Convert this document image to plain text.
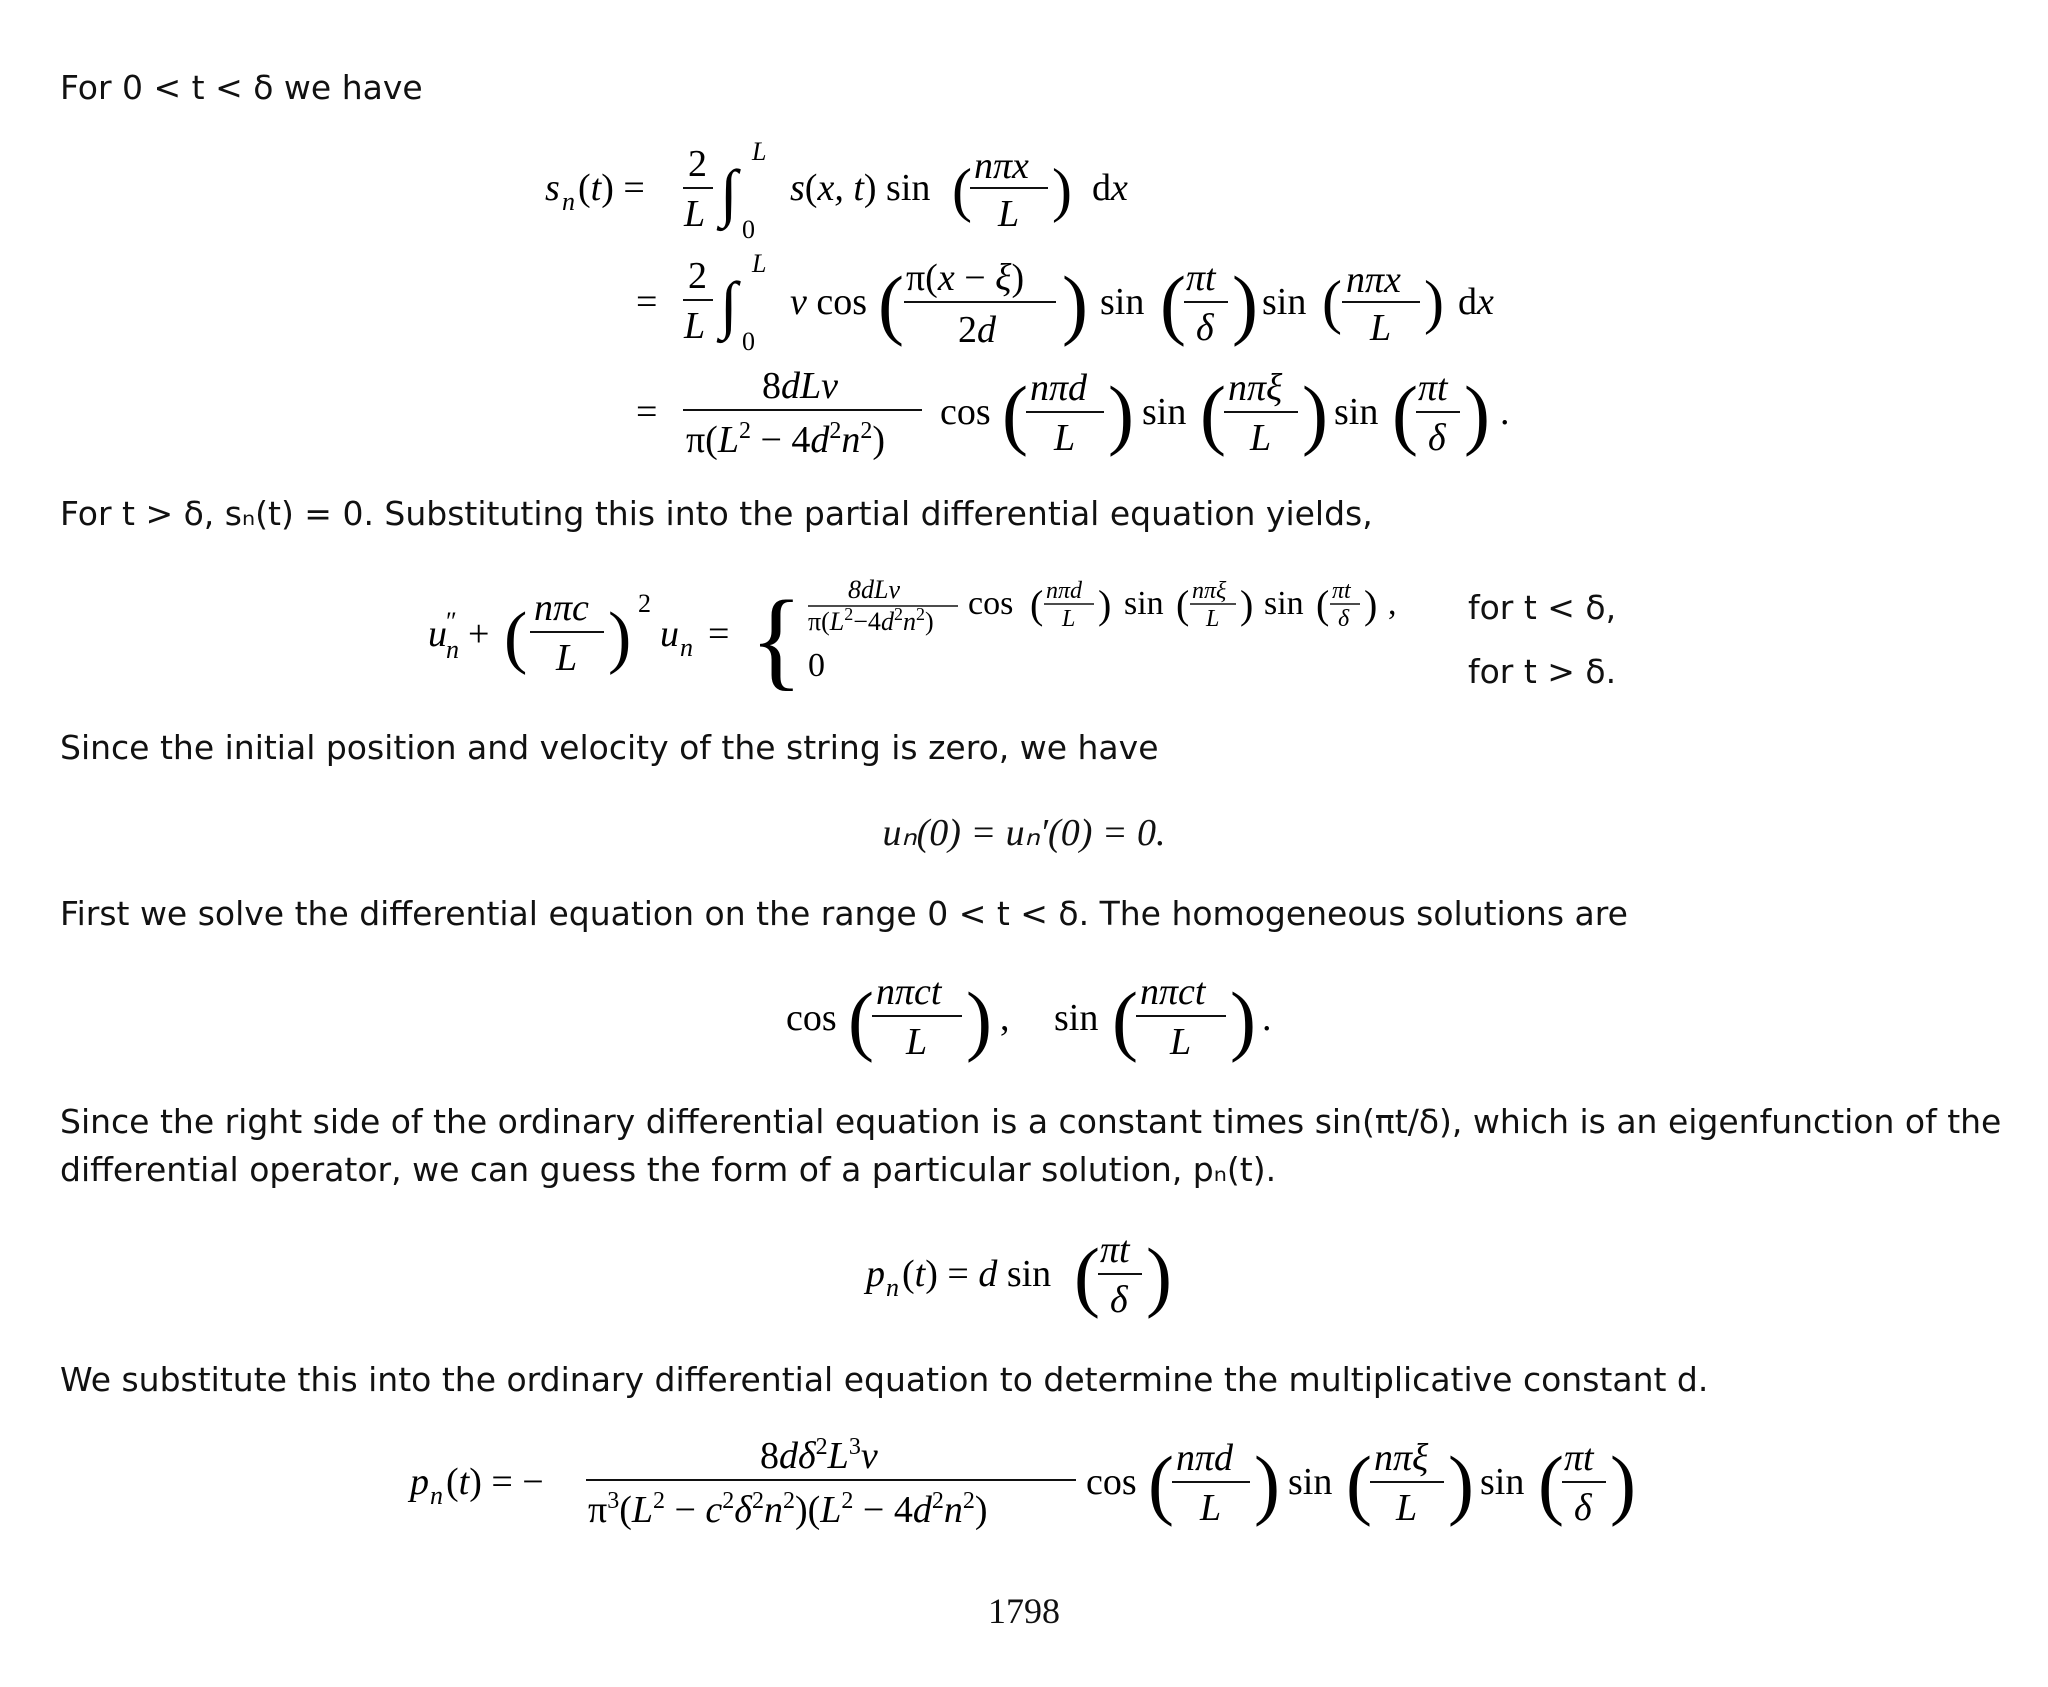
For 0 < t < δ we have
s n (t) =
2
L ∫
L
0
s(x, t) sin ( nπx
L ) dx
=
2
L ∫
L
0
v cos ( π(x − ξ)
2d ) sin ( πt
δ ) sin ( nπx
L ) dx
=
8dLv
$\pi(L^2 - 4d^2n^2)$
cos ( nπd
L ) sin ( nπξ
L ) sin ( πt
δ ) .
For t > δ, sₙ(t) = 0. Substituting this into the partial differential equation yields,
u ″
n + ( nπc
L ) 2
u n = { 8dLv
$\pi(L^2-4d^2n^2)$ cos ( nπd
L ) sin ( nπξ
L ) sin ( πt
δ ) ,
0
for t < δ,
for t > δ.
Since the initial position and velocity of the string is zero, we have
uₙ(0) = uₙ′(0) = 0.
First we solve the differential equation on the range 0 < t < δ. The homogeneous solutions are
cos ( nπct
L ) , sin ( nπct
L ) .
Since the right side of the ordinary differential equation is a constant times sin(πt/δ), which is an eigenfunction of the differential operator, we can guess the form of a particular solution, pₙ(t).
p n (t) = d sin ( πt
δ )
We substitute this into the ordinary differential equation to determine the multiplicative constant d.
p n (t) = −
$8d\delta^2L^3v$
$\pi^3(L^2 - c^2\delta^2n^2)(L^2 - 4d^2n^2)$
cos ( nπd
L ) sin ( nπξ
L ) sin ( πt
δ )
1798
